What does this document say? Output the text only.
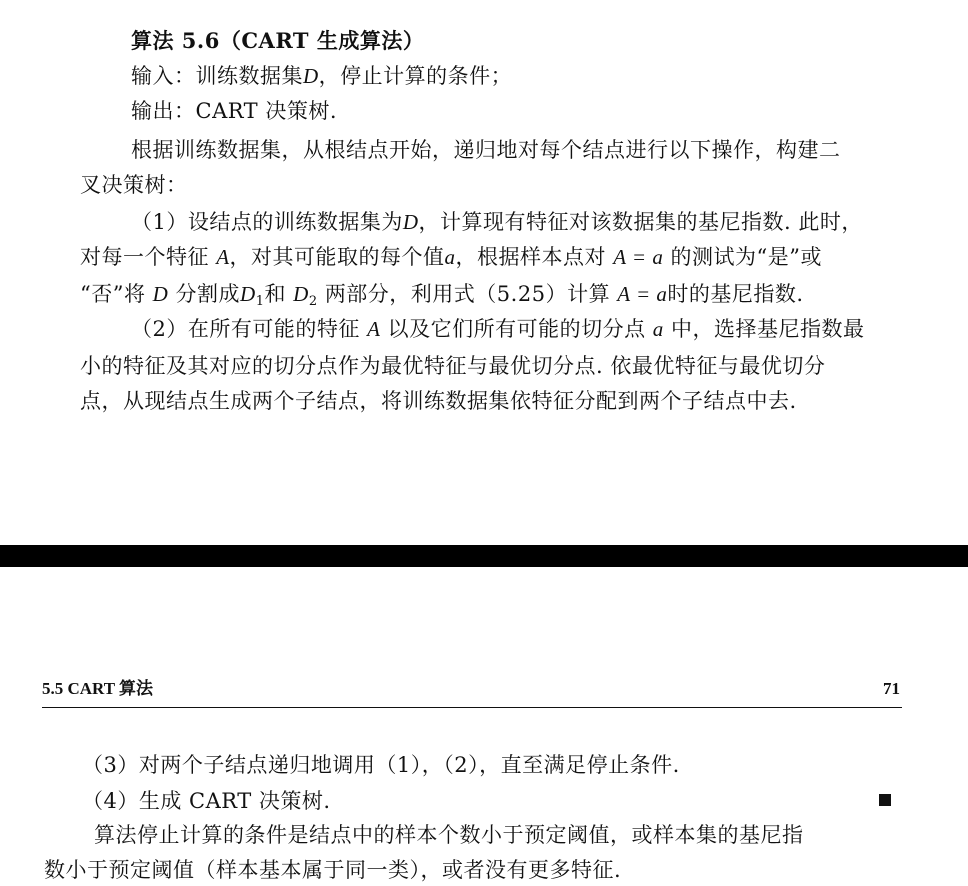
算法 5.6（CART 生成算法）
输入：训练数据集D，停止计算的条件；
输出：CART 决策树.
根据训练数据集，从根结点开始，递归地对每个结点进行以下操作，构建二
叉决策树：
（1）设结点的训练数据集为D，计算现有特征对该数据集的基尼指数. 此时，
对每一个特征 A，对其可能取的每个值a，根据样本点对 A = a 的测试为“是”或
“否”将 D 分割成$D_1$和 $D_2$ 两部分，利用式（5.25）计算 A = a时的基尼指数.
（2）在所有可能的特征 A 以及它们所有可能的切分点 a 中，选择基尼指数最
小的特征及其对应的切分点作为最优特征与最优切分点. 依最优特征与最优切分
点，从现结点生成两个子结点，将训练数据集依特征分配到两个子结点中去.
5.5 CART 算法	71
（3）对两个子结点递归地调用（1），（2），直至满足停止条件.
（4）生成 CART 决策树.
算法停止计算的条件是结点中的样本个数小于预定阈值，或样本集的基尼指
数小于预定阈值（样本基本属于同一类），或者没有更多特征.
